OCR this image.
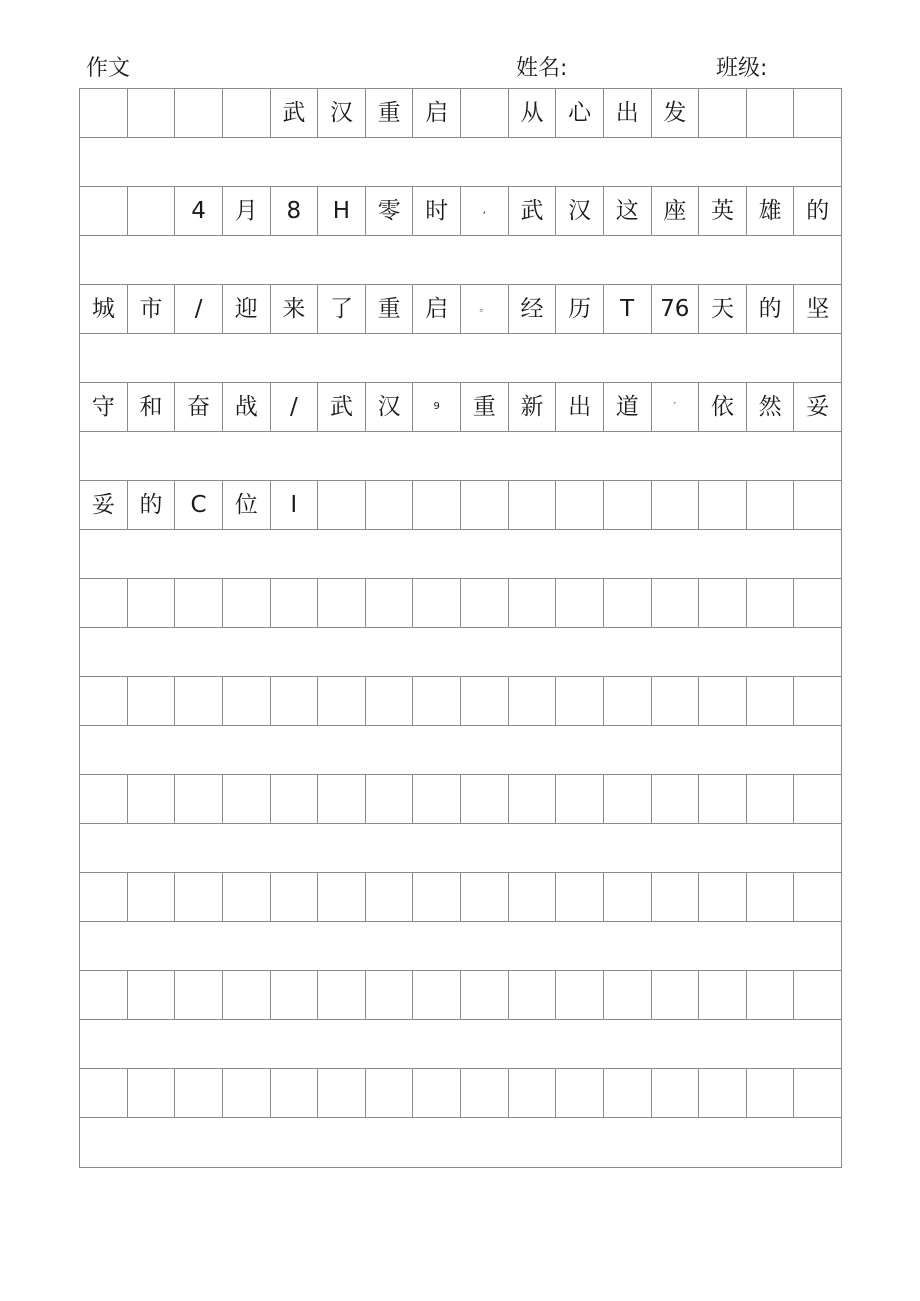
作文	姓名:	班级:
武	汉	重	启	从	心	出	发
4	月	8	H	零	时	,	武	汉	这	座	英	雄	的
城	市	/	迎	来	了	重	启	。	经	历	T	76 天	的	坚
守	和	奋	战	/	武	汉	9	重	新	出	道	′	依	然	妥
妥	的	C	位	I
